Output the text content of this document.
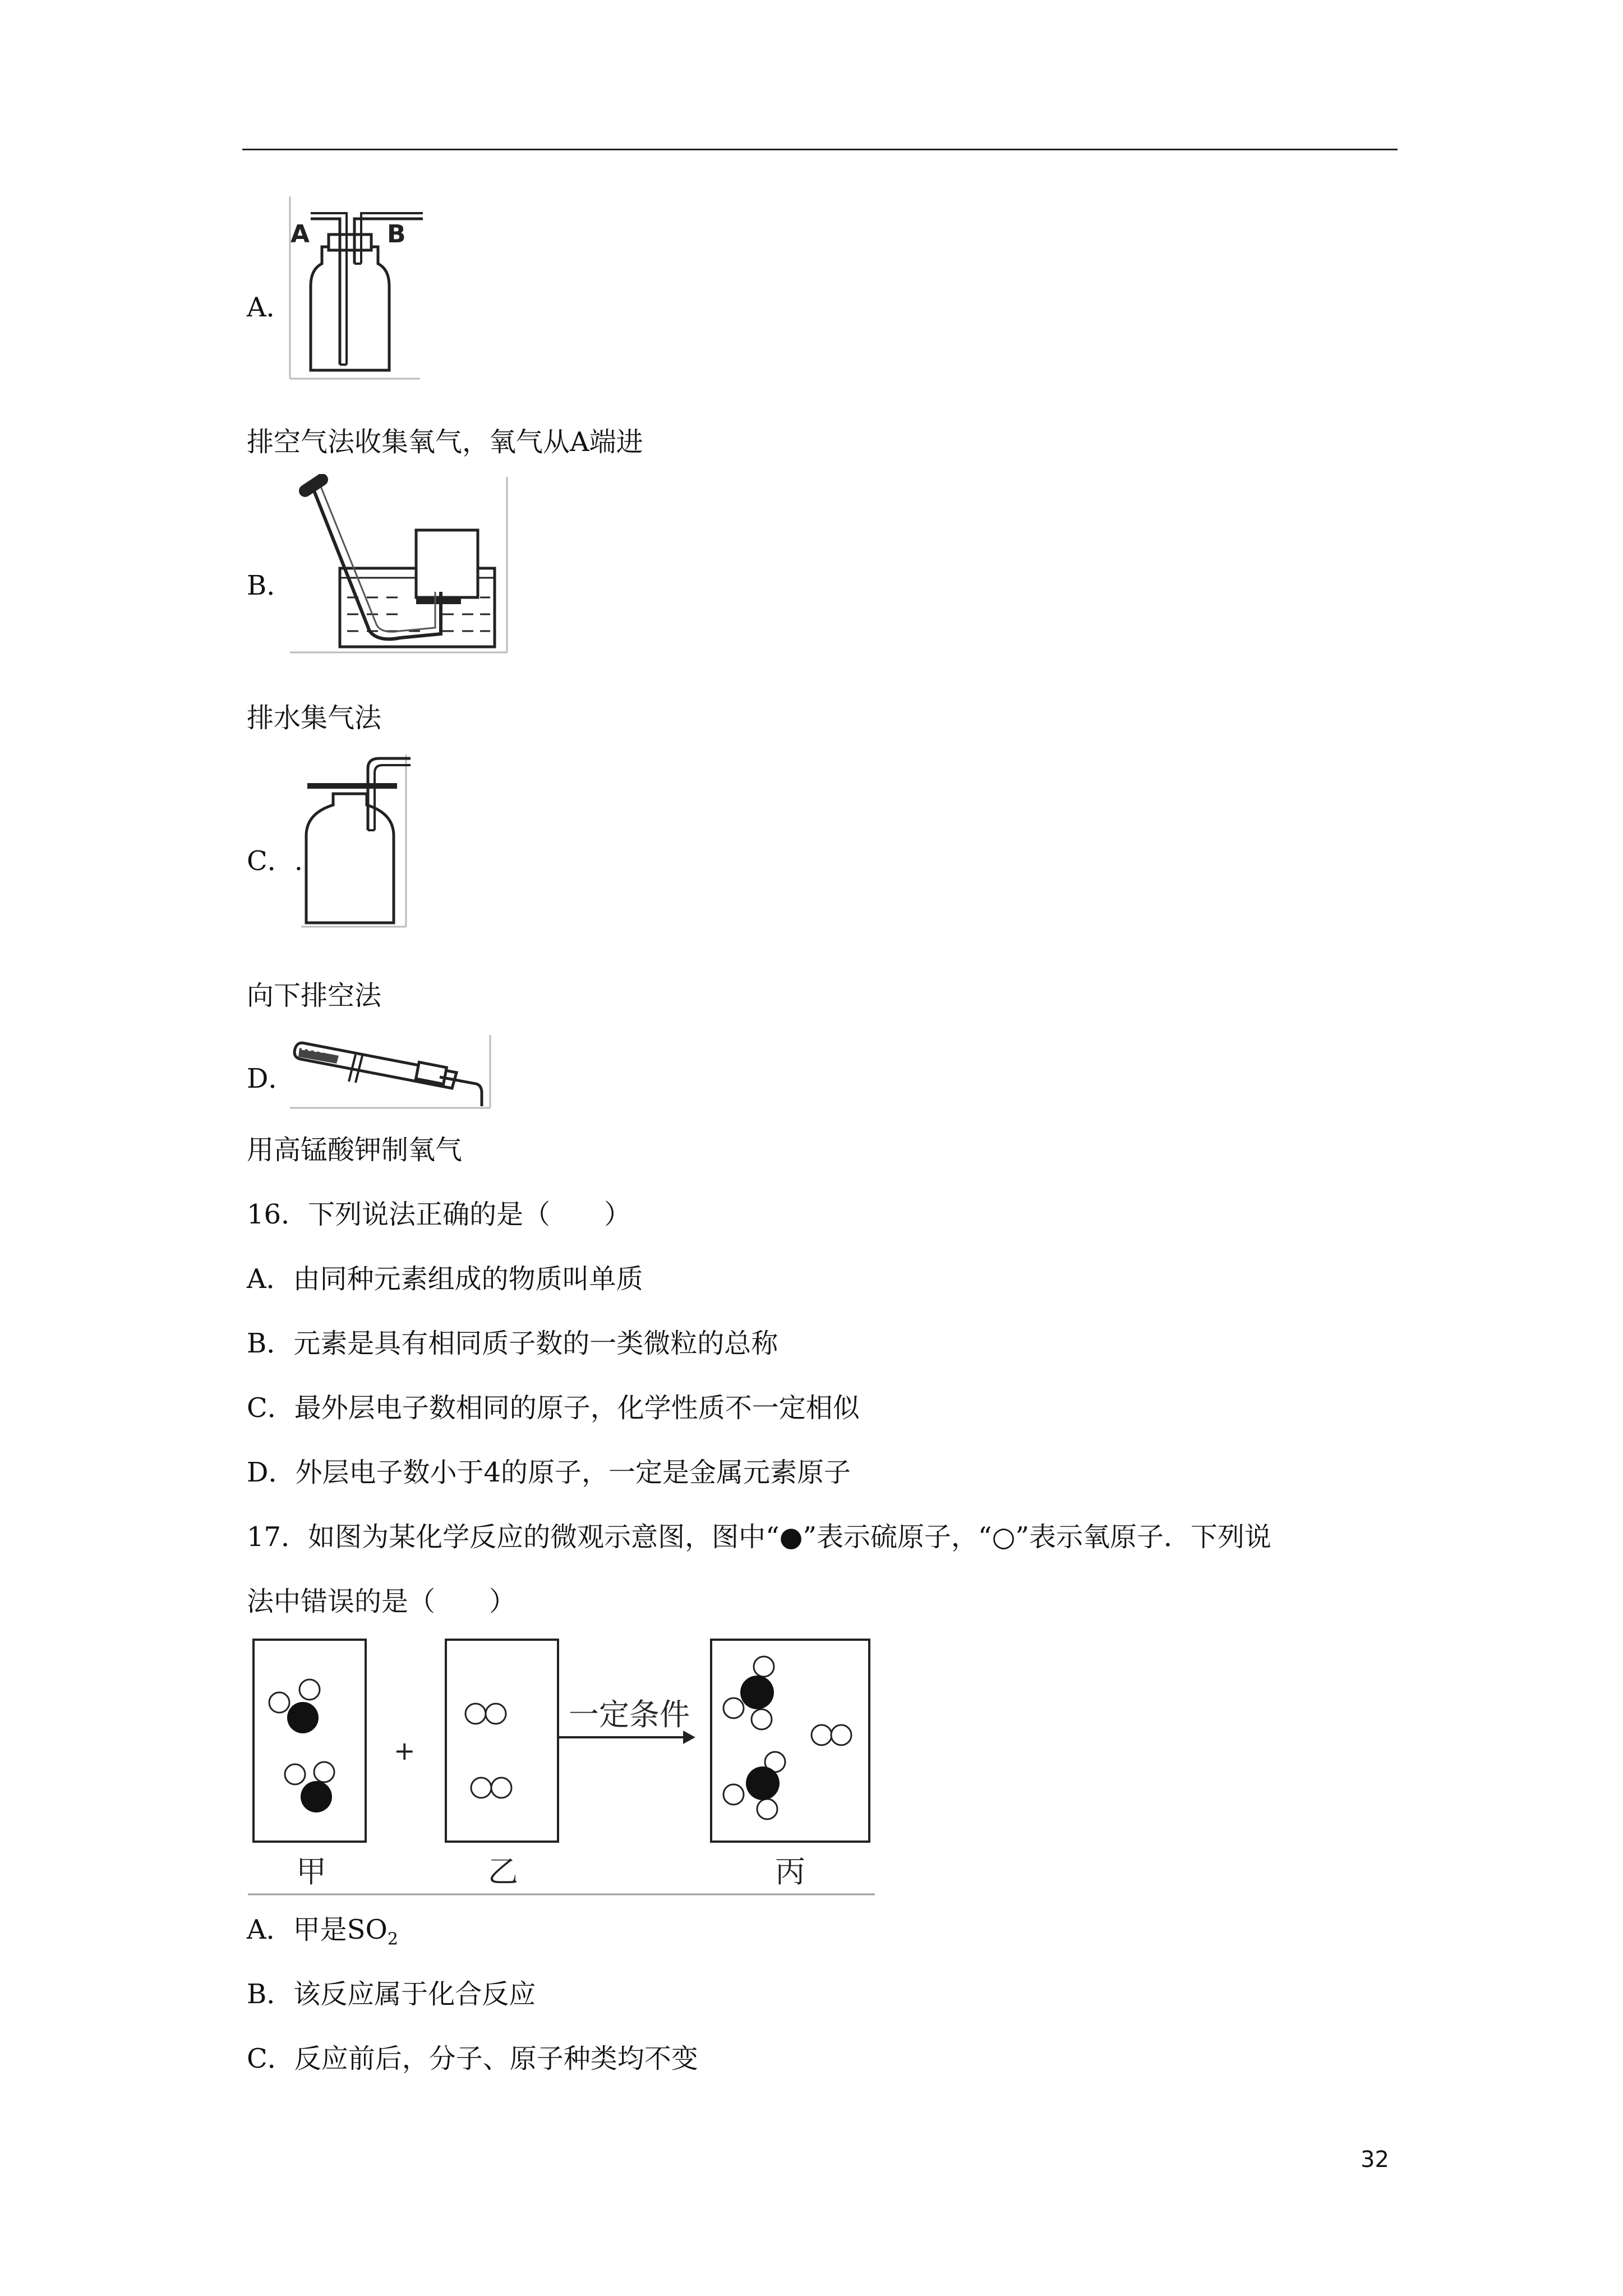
A．
A	B
排空气法收集氧气，氧气从A端进
B．
排水集气法
C．.
向下排空法
D．
用高锰酸钾制氧气
16．下列说法正确的是（　　）
A．由同种元素组成的物质叫单质
B．元素是具有相同质子数的一类微粒的总称
C．最外层电子数相同的原子，化学性质不一定相似
D．外层电子数小于4的原子，一定是金属元素原子
17．如图为某化学反应的微观示意图，图中“●”表示硫原子，“○”表示氧原子．下列说
法中错误的是（　　）
甲
+
乙
一定条件
丙
A．甲是$SO_2$
B．该反应属于化合反应
C．反应前后，分子、原子种类均不变
32
